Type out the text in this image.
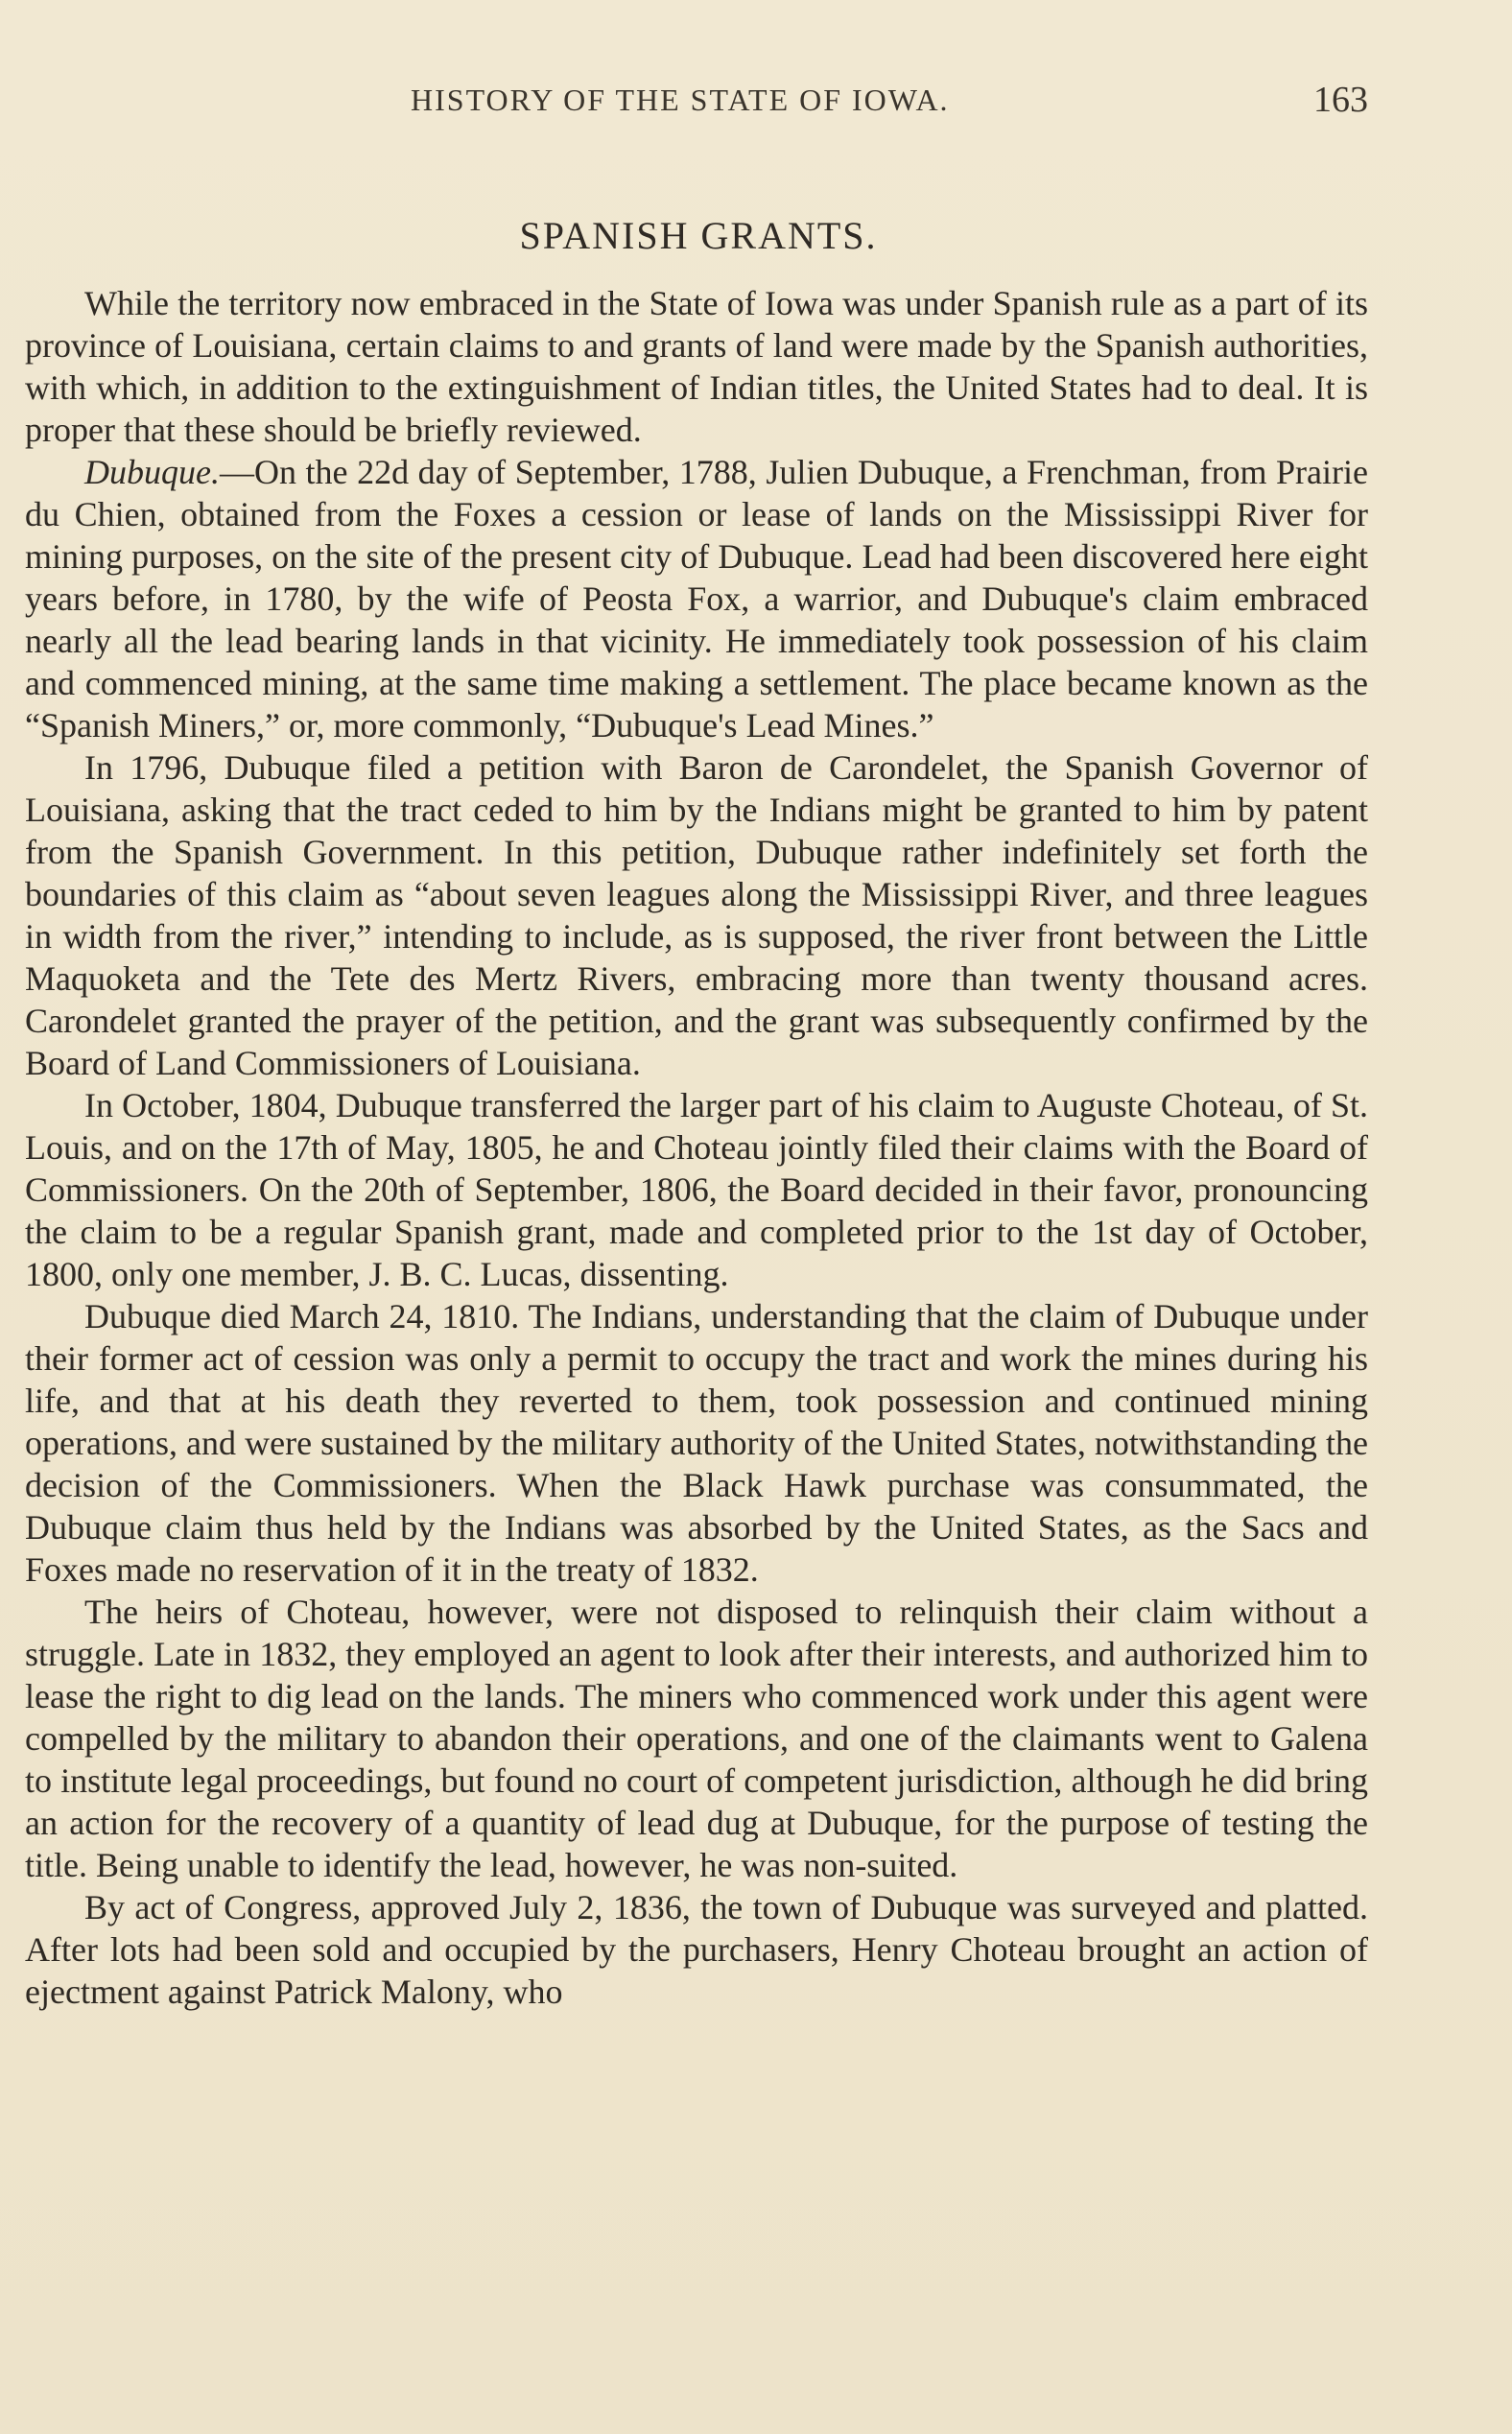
HISTORY OF THE STATE OF IOWA.	163
SPANISH GRANTS.

While the territory now embraced in the State of Iowa was under Spanish rule as a part of its province of Louisiana, certain claims to and grants of land were made by the Spanish authorities, with which, in addition to the extinguishment of Indian titles, the United States had to deal. It is proper that these should be briefly reviewed.

Dubuque.—On the 22d day of September, 1788, Julien Dubuque, a Frenchman, from Prairie du Chien, obtained from the Foxes a cession or lease of lands on the Mississippi River for mining purposes, on the site of the present city of Dubuque. Lead had been discovered here eight years before, in 1780, by the wife of Peosta Fox, a warrior, and Dubuque's claim embraced nearly all the lead bearing lands in that vicinity. He immediately took possession of his claim and commenced mining, at the same time making a settlement. The place became known as the “Spanish Miners,” or, more commonly, “Dubuque's Lead Mines.”

In 1796, Dubuque filed a petition with Baron de Carondelet, the Spanish Governor of Louisiana, asking that the tract ceded to him by the Indians might be granted to him by patent from the Spanish Government. In this petition, Dubuque rather indefinitely set forth the boundaries of this claim as “about seven leagues along the Mississippi River, and three leagues in width from the river,” intending to include, as is supposed, the river front between the Little Maquoketa and the Tete des Mertz Rivers, embracing more than twenty thousand acres. Carondelet granted the prayer of the petition, and the grant was subsequently confirmed by the Board of Land Commissioners of Louisiana.

In October, 1804, Dubuque transferred the larger part of his claim to Auguste Choteau, of St. Louis, and on the 17th of May, 1805, he and Choteau jointly filed their claims with the Board of Commissioners. On the 20th of September, 1806, the Board decided in their favor, pronouncing the claim to be a regular Spanish grant, made and completed prior to the 1st day of October, 1800, only one member, J. B. C. Lucas, dissenting.

Dubuque died March 24, 1810. The Indians, understanding that the claim of Dubuque under their former act of cession was only a permit to occupy the tract and work the mines during his life, and that at his death they reverted to them, took possession and continued mining operations, and were sustained by the military authority of the United States, notwithstanding the decision of the Commissioners. When the Black Hawk purchase was consummated, the Dubuque claim thus held by the Indians was absorbed by the United States, as the Sacs and Foxes made no reservation of it in the treaty of 1832.

The heirs of Choteau, however, were not disposed to relinquish their claim without a struggle. Late in 1832, they employed an agent to look after their interests, and authorized him to lease the right to dig lead on the lands. The miners who commenced work under this agent were compelled by the military to abandon their operations, and one of the claimants went to Galena to institute legal proceedings, but found no court of competent jurisdiction, although he did bring an action for the recovery of a quantity of lead dug at Dubuque, for the purpose of testing the title. Being unable to identify the lead, however, he was non-suited.

By act of Congress, approved July 2, 1836, the town of Dubuque was surveyed and platted. After lots had been sold and occupied by the purchasers, Henry Choteau brought an action of ejectment against Patrick Malony, who
